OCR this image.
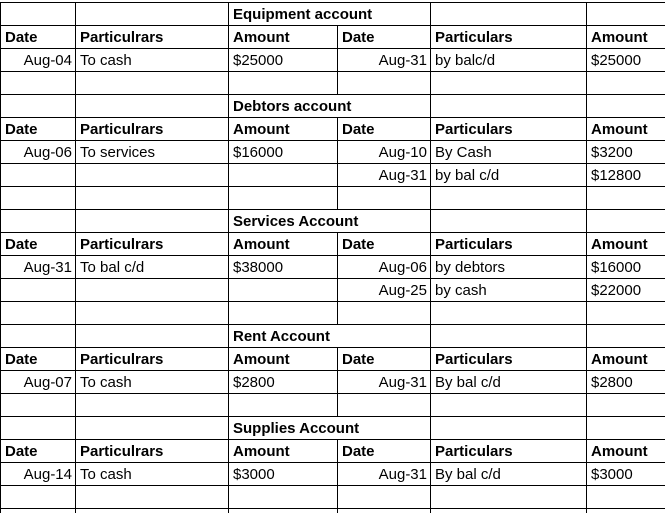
		Equipment account			
Date	Particulrars	Amount	Date	Particulars	Amount
Aug-04	To cash	$25000	Aug-31	by balc/d	$25000

		Debtors account			
Date	Particulrars	Amount	Date	Particulars	Amount
Aug-06	To services	$16000	Aug-10	By Cash	$3200
			Aug-31	by bal c/d	$12800

		Services Account			
Date	Particulrars	Amount	Date	Particulars	Amount
Aug-31	To bal c/d	$38000	Aug-06	by debtors	$16000
			Aug-25	by cash	$22000

		Rent Account			
Date	Particulrars	Amount	Date	Particulars	Amount
Aug-07	To cash	$2800	Aug-31	By bal c/d	$2800

		Supplies Account			
Date	Particulrars	Amount	Date	Particulars	Amount
Aug-14	To cash	$3000	Aug-31	By bal c/d	$3000
